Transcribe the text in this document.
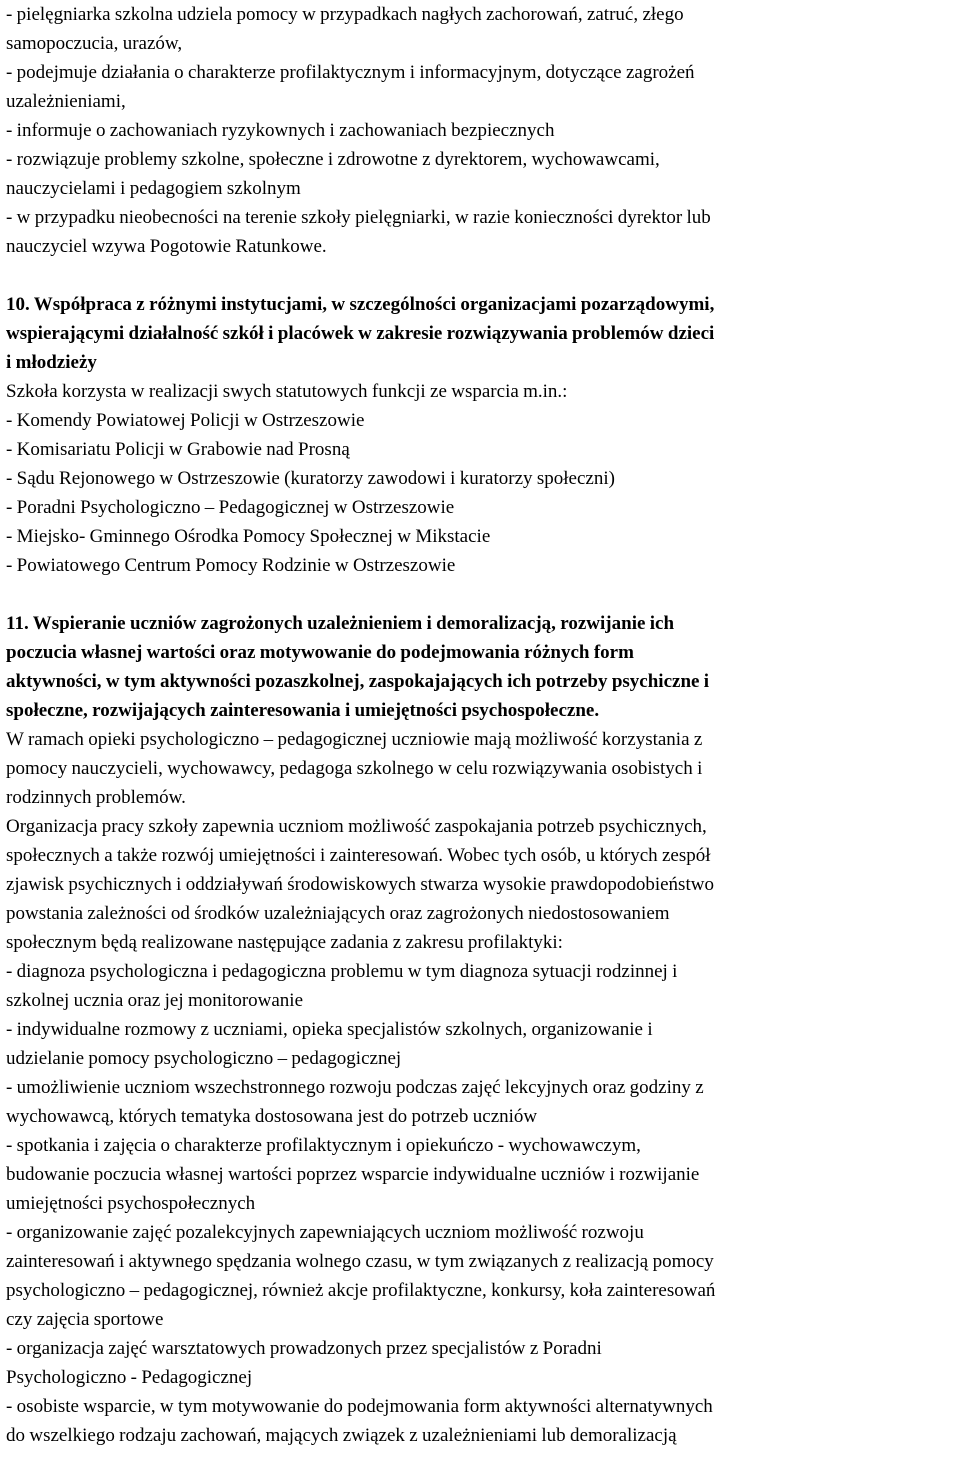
- pielęgniarka szkolna udziela pomocy w przypadkach nagłych zachorowań, zatruć, złego
samopoczucia, urazów,
- podejmuje działania o charakterze profilaktycznym i informacyjnym, dotyczące zagrożeń
uzależnieniami,
- informuje o zachowaniach ryzykownych i zachowaniach bezpiecznych
- rozwiązuje problemy szkolne, społeczne i zdrowotne z dyrektorem, wychowawcami,
nauczycielami i pedagogiem szkolnym
- w przypadku nieobecności na terenie szkoły pielęgniarki, w razie konieczności dyrektor lub
nauczyciel wzywa Pogotowie Ratunkowe.
10. Współpraca z różnymi instytucjami, w szczególności organizacjami pozarządowymi,
wspierającymi działalność szkół i placówek w zakresie rozwiązywania problemów dzieci
i młodzieży
Szkoła korzysta w realizacji swych statutowych funkcji ze wsparcia m.in.:
- Komendy Powiatowej Policji w Ostrzeszowie
- Komisariatu Policji w Grabowie nad Prosną
- Sądu Rejonowego w Ostrzeszowie (kuratorzy zawodowi i kuratorzy społeczni)
- Poradni Psychologiczno – Pedagogicznej w Ostrzeszowie
- Miejsko- Gminnego Ośrodka Pomocy Społecznej w Mikstacie
- Powiatowego Centrum Pomocy Rodzinie w Ostrzeszowie
11. Wspieranie uczniów zagrożonych uzależnieniem i demoralizacją, rozwijanie ich
poczucia własnej wartości oraz motywowanie do podejmowania różnych form
aktywności, w tym aktywności pozaszkolnej, zaspokajających ich potrzeby psychiczne i
społeczne, rozwijających zainteresowania i umiejętności psychospołeczne.
W ramach opieki psychologiczno – pedagogicznej uczniowie mają możliwość korzystania z
pomocy nauczycieli, wychowawcy, pedagoga szkolnego w celu rozwiązywania osobistych i
rodzinnych problemów.
Organizacja pracy szkoły zapewnia uczniom możliwość zaspokajania potrzeb psychicznych,
społecznych a także rozwój umiejętności i zainteresowań. Wobec tych osób, u których zespół
zjawisk psychicznych i oddziaływań środowiskowych stwarza wysokie prawdopodobieństwo
powstania zależności od środków uzależniających oraz zagrożonych niedostosowaniem
społecznym będą realizowane następujące zadania z zakresu profilaktyki:
- diagnoza psychologiczna i pedagogiczna problemu w tym diagnoza sytuacji rodzinnej i
szkolnej ucznia oraz jej monitorowanie
- indywidualne rozmowy z uczniami, opieka specjalistów szkolnych, organizowanie i
udzielanie pomocy psychologiczno – pedagogicznej
- umożliwienie uczniom wszechstronnego rozwoju podczas zajęć lekcyjnych oraz godziny z
wychowawcą, których tematyka dostosowana jest do potrzeb uczniów
- spotkania i zajęcia o charakterze profilaktycznym i opiekuńczo - wychowawczym,
budowanie poczucia własnej wartości poprzez wsparcie indywidualne uczniów i rozwijanie
umiejętności psychospołecznych
- organizowanie zajęć pozalekcyjnych zapewniających uczniom możliwość rozwoju
zainteresowań i aktywnego spędzania wolnego czasu, w tym związanych z realizacją pomocy
psychologiczno – pedagogicznej, również akcje profilaktyczne, konkursy, koła zainteresowań
czy zajęcia sportowe
- organizacja zajęć warsztatowych prowadzonych przez specjalistów z Poradni
Psychologiczno - Pedagogicznej
- osobiste wsparcie, w tym motywowanie do podejmowania form aktywności alternatywnych
do wszelkiego rodzaju zachowań, mających związek z uzależnieniami lub demoralizacją
